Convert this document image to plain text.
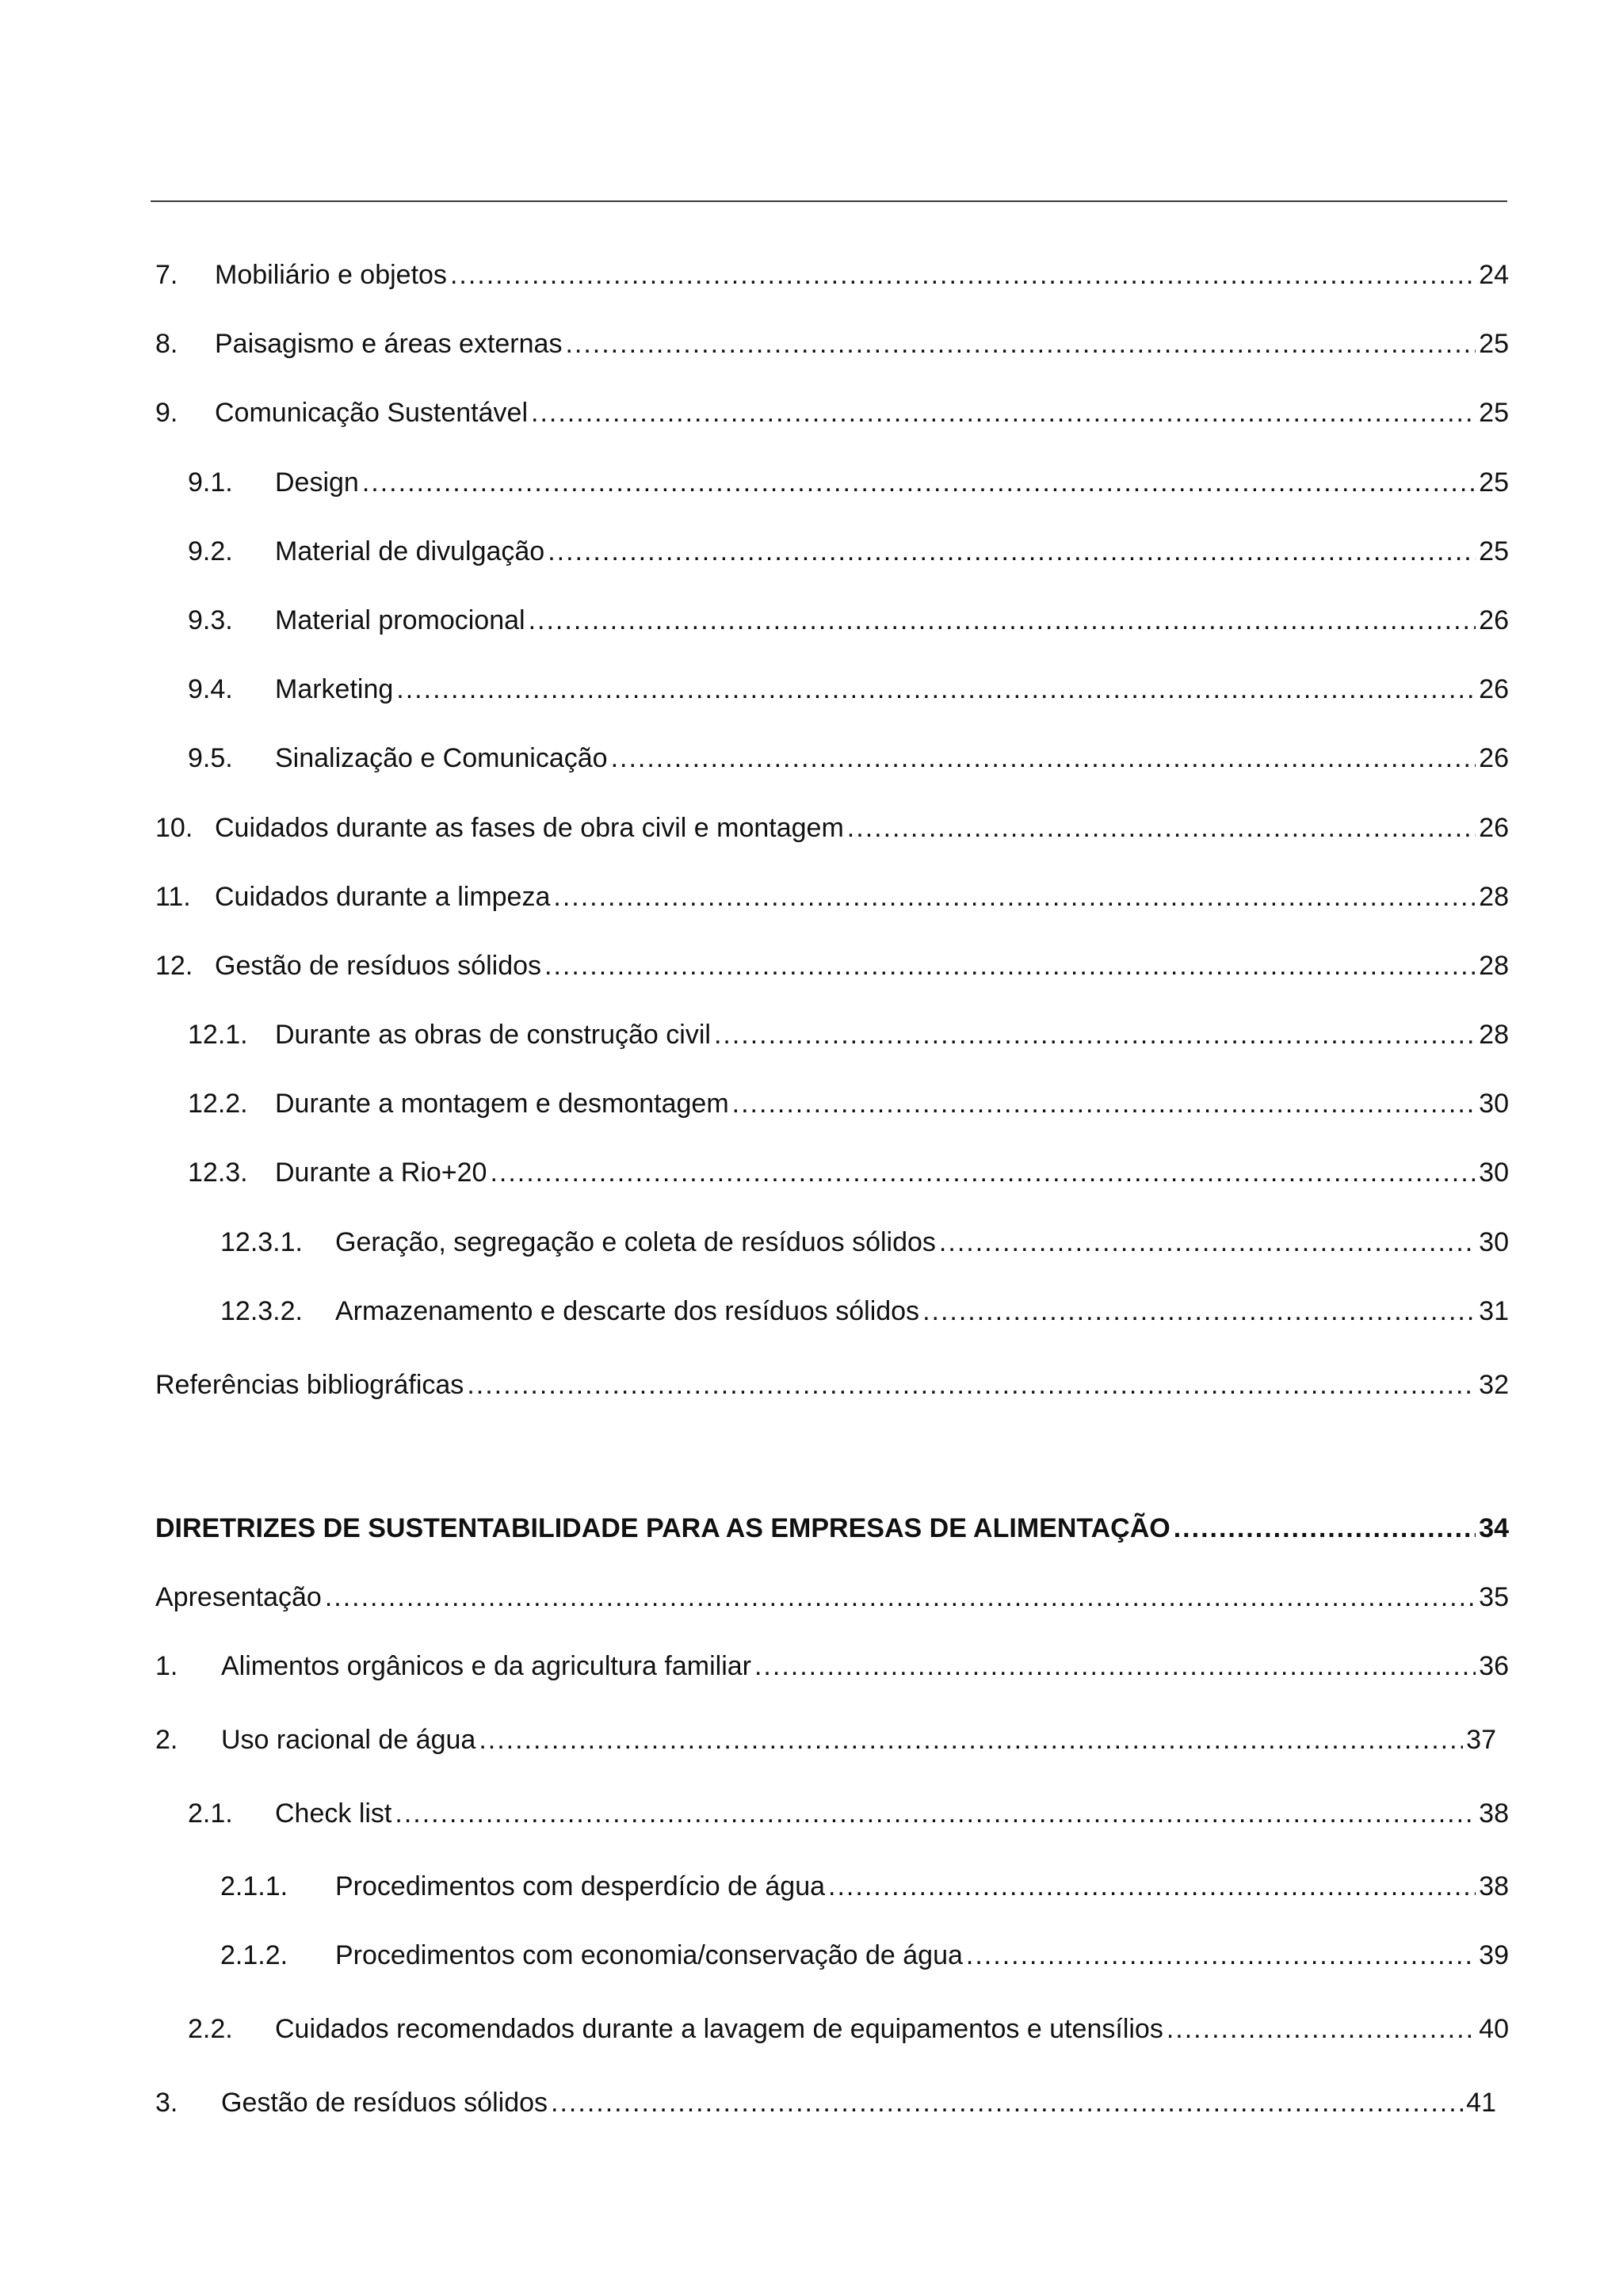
7.	Mobiliário e objetos .....	24
8.	Paisagismo e áreas externas .....	25
9.	Comunicação Sustentável .....	25
9.1.	Design .....	25
9.2.	Material de divulgação .....	25
9.3.	Material promocional .....	26
9.4.	Marketing .....	26
9.5.	Sinalização e Comunicação .....	26
10. Cuidados durante as fases de obra civil e montagem .....	26
11. Cuidados durante a limpeza .....	28
12. Gestão de resíduos sólidos .....	28
12.1.	Durante as obras de construção civil .....	28
12.2.	Durante a montagem e desmontagem .....	30
12.3.	Durante a Rio+20 .....	30
12.3.1.	Geração, segregação e coleta de resíduos sólidos .....	30
12.3.2.	Armazenamento e descarte dos resíduos sólidos .....	31
Referências bibliográficas .....	32
DIRETRIZES DE SUSTENTABILIDADE PARA AS EMPRESAS DE ALIMENTAÇÃO .....	34
Apresentação .....	35
1.	Alimentos orgânicos e da agricultura familiar .....	36
2.	Uso racional de água .....	37
2.1.	Check list .....	38
2.1.1.	Procedimentos com desperdício de água .....	38
2.1.2.	Procedimentos com economia/conservação de água .....	39
2.2.	Cuidados recomendados durante a lavagem de equipamentos e utensílios .....	40
3.	Gestão de resíduos sólidos .....	41
